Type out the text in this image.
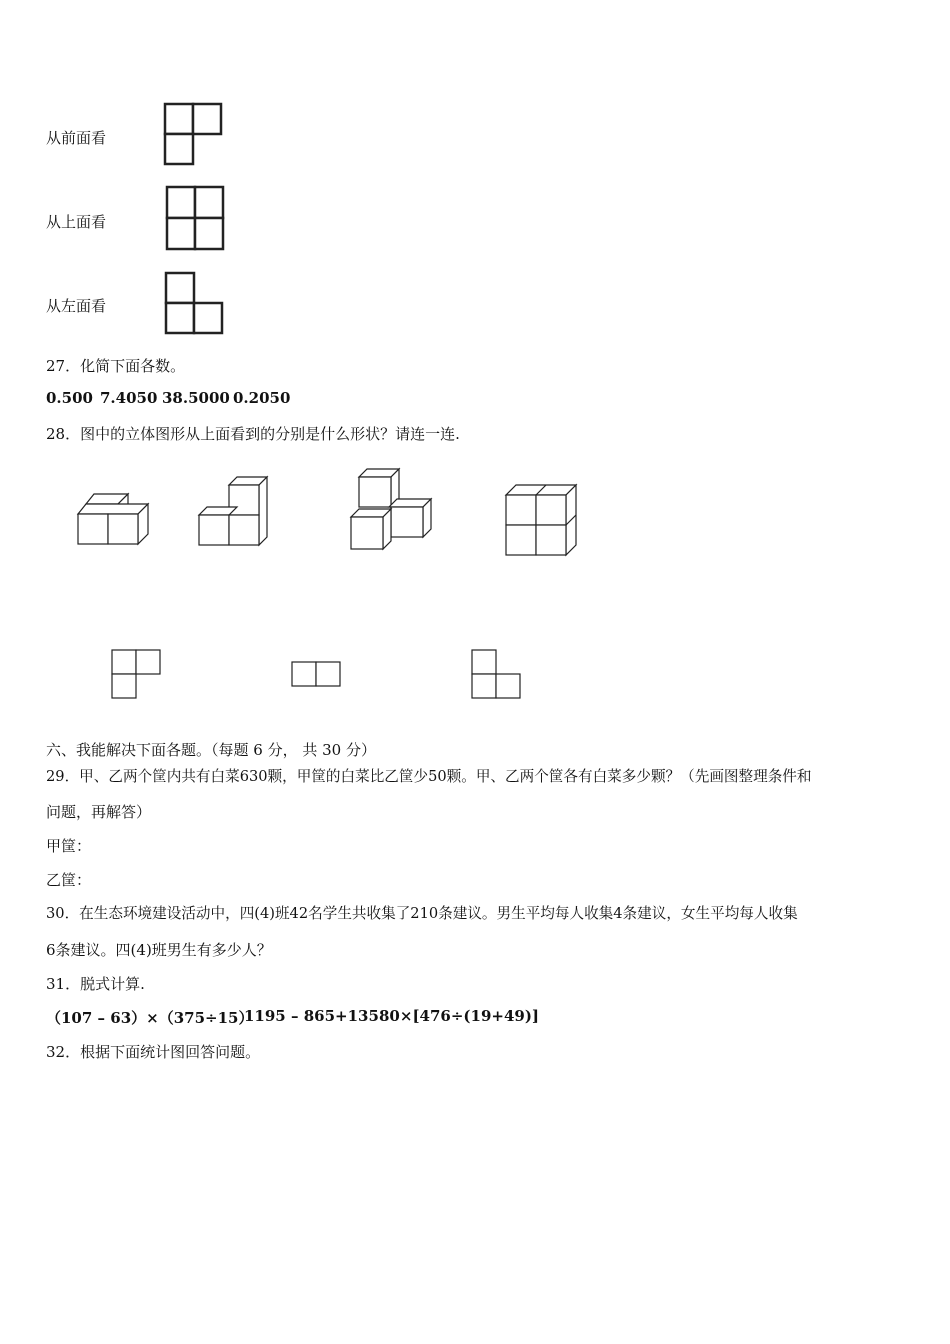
从前面看
从上面看
从左面看
27．化简下面各数。
0.500 7.4050 38.5000 0.2050
28．图中的立体图形从上面看到的分别是什么形状？请连一连.
六、我能解决下面各题。（每题 6 分， 共 30 分）
29．甲、乙两个筐内共有白菜630颗，甲筐的白菜比乙筐少50颗。甲、乙两个筐各有白菜多少颗？（先画图整理条件和
问题，再解答）
甲筐：
乙筐：
30．在生态环境建设活动中，四(4)班42名学生共收集了210条建议。男生平均每人收集4条建议，女生平均每人收集
6条建议。四(4)班男生有多少人？
31．脱式计算.
（107 – 63）×（375÷15）
1195 – 865+135 80×[476÷(19+49)]
32．根据下面统计图回答问题。
